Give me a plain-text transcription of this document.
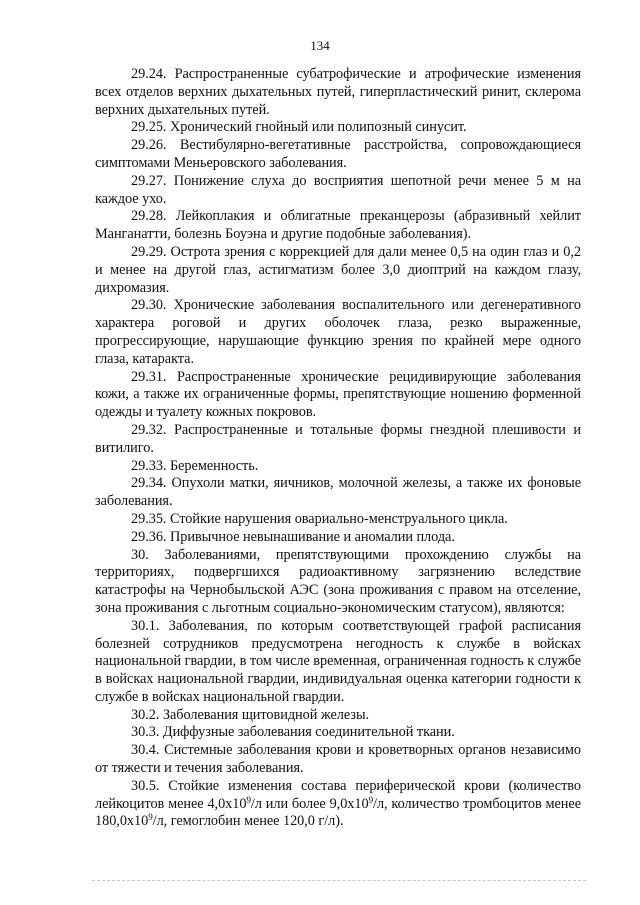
134

29.24. Распространенные субатрофические и атрофические изменения всех отделов верхних дыхательных путей, гиперпластический ринит, склерома верхних дыхательных путей.

29.25. Хронический гнойный или полипозный синусит.

29.26. Вестибулярно-вегетативные расстройства, сопровождающиеся симптомами Меньеровского заболевания.

29.27. Понижение слуха до восприятия шепотной речи менее 5 м на каждое ухо.

29.28. Лейкоплакия и облигатные преканцерозы (абразивный хейлит Манганатти, болезнь Боуэна и другие подобные заболевания).

29.29. Острота зрения с коррекцией для дали менее 0,5 на один глаз и 0,2 и менее на другой глаз, астигматизм более 3,0 диоптрий на каждом глазу, дихромазия.

29.30. Хронические заболевания воспалительного или дегенеративного характера роговой и других оболочек глаза, резко выраженные, прогрессирующие, нарушающие функцию зрения по крайней мере одного глаза, катаракта.

29.31. Распространенные хронические рецидивирующие заболевания кожи, а также их ограниченные формы, препятствующие ношению форменной одежды и туалету кожных покровов.

29.32. Распространенные и тотальные формы гнездной плешивости и витилиго.

29.33. Беременность.

29.34. Опухоли матки, яичников, молочной железы, а также их фоновые заболевания.

29.35. Стойкие нарушения овариально-менструального цикла.

29.36. Привычное невынашивание и аномалии плода.

30. Заболеваниями, препятствующими прохождению службы на территориях, подвергшихся радиоактивному загрязнению вследствие катастрофы на Чернобыльской АЭС (зона проживания с правом на отселение, зона проживания с льготным социально-экономическим статусом), являются:

30.1. Заболевания, по которым соответствующей графой расписания болезней сотрудников предусмотрена негодность к службе в войсках национальной гвардии, в том числе временная, ограниченная годность к службе в войсках национальной гвардии, индивидуальная оценка категории годности к службе в войсках национальной гвардии.

30.2. Заболевания щитовидной железы.

30.3. Диффузные заболевания соединительной ткани.

30.4. Системные заболевания крови и кроветворных органов независимо от тяжести и течения заболевания.

30.5. Стойкие изменения состава периферической крови (количество лейкоцитов менее $4,0х10^9/л$ или более $9,0х10^9/л$, количество тромбоцитов менее $180,0х10^9/л$, гемоглобин менее 120,0 г/л).
